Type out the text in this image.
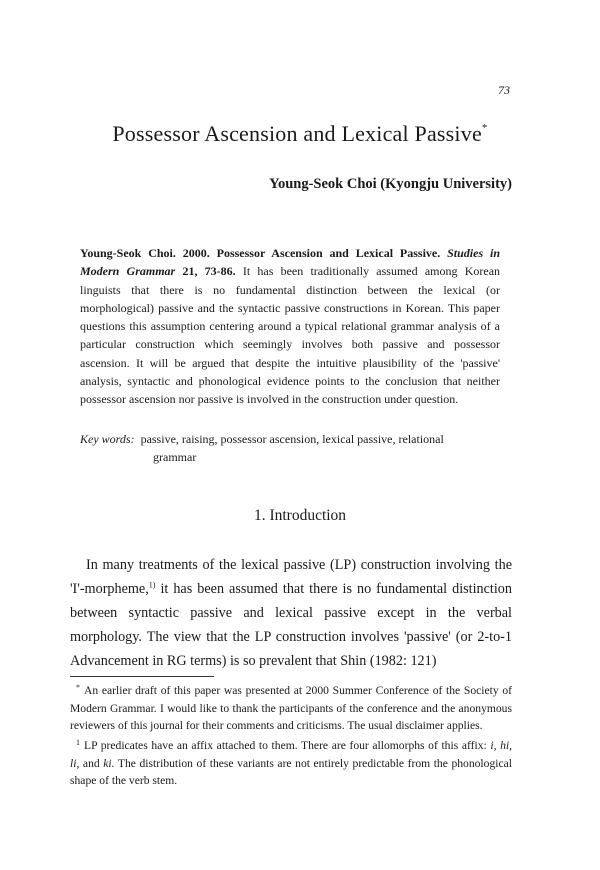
73
Possessor Ascension and Lexical Passive*
Young-Seok Choi (Kyongju University)

Young-Seok Choi. 2000. Possessor Ascension and Lexical Passive. Studies in Modern Grammar 21, 73-86. It has been traditionally assumed among Korean linguists that there is no fundamental distinction between the lexical (or morphological) passive and the syntactic passive constructions in Korean. This paper questions this assumption centering around a typical relational grammar analysis of a particular construction which seemingly involves both passive and possessor ascension. It will be argued that despite the intuitive plausibility of the 'passive' analysis, syntactic and phonological evidence points to the conclusion that neither possessor ascension nor passive is involved in the construction under question.

Key words: passive, raising, possessor ascension, lexical passive, relational
grammar
1. Introduction

In many treatments of the lexical passive (LP) construction involving the 'I'-morpheme,$^{1)}$ it has been assumed that there is no fundamental distinction between syntactic passive and lexical passive except in the verbal morphology. The view that the LP construction involves 'passive' (or 2-to-1 Advancement in RG terms) is so prevalent that Shin (1982: 121)

* An earlier draft of this paper was presented at 2000 Summer Conference of the Society of Modern Grammar. I would like to thank the participants of the conference and the anonymous reviewers of this journal for their comments and criticisms. The usual disclaimer applies.

$^1$ LP predicates have an affix attached to them. There are four allomorphs of this affix: i, hi, li, and ki. The distribution of these variants are not entirely predictable from the phonological shape of the verb stem.
